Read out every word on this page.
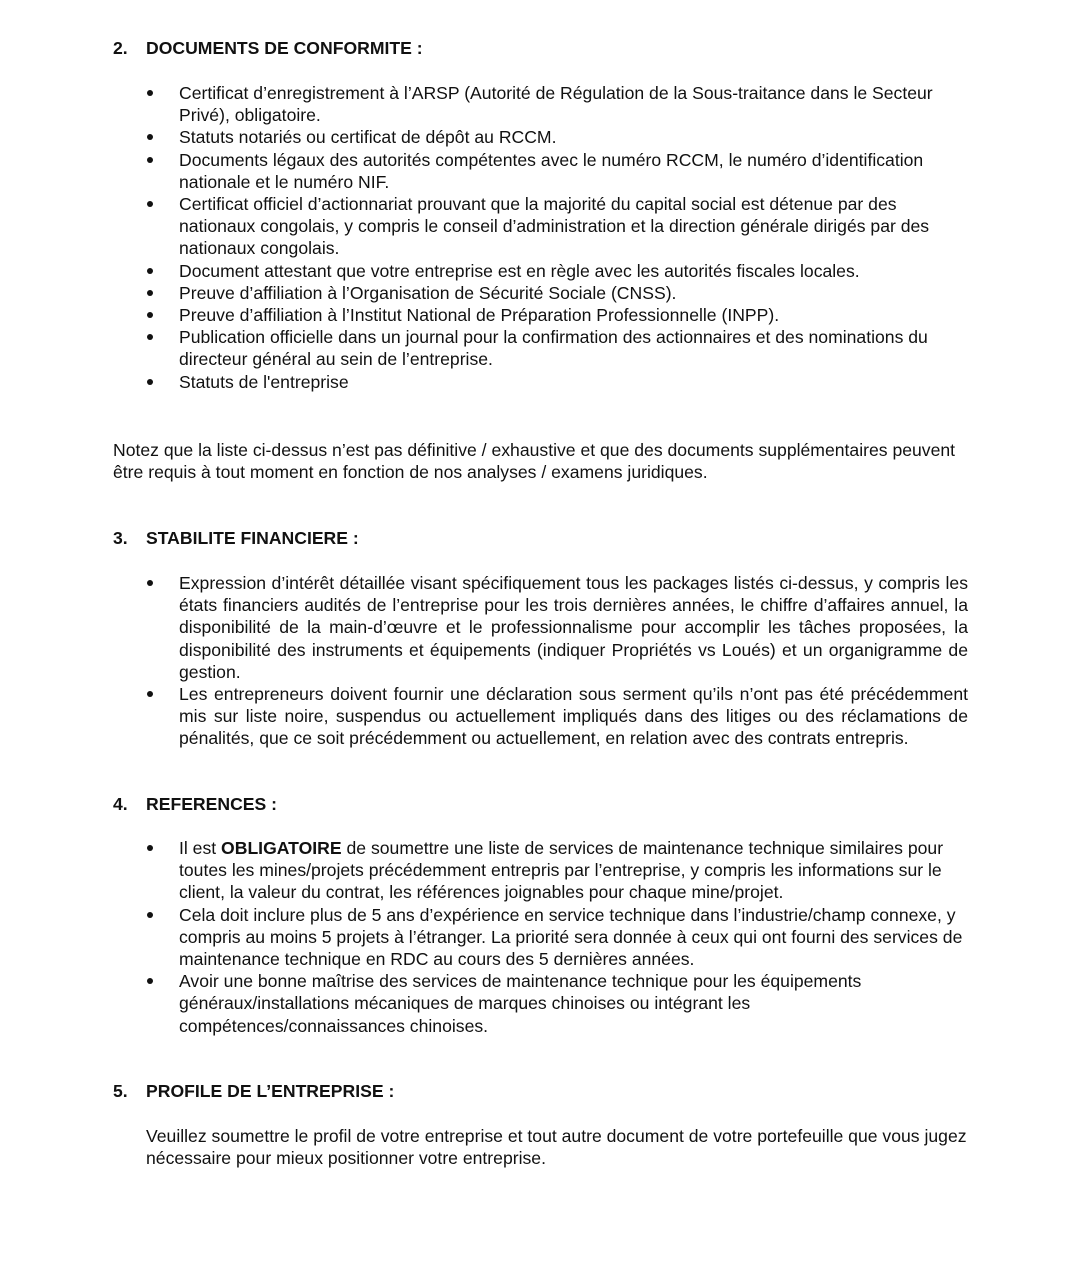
2. DOCUMENTS DE CONFORMITE :
Certificat d’enregistrement à l’ARSP (Autorité de Régulation de la Sous-traitance dans le Secteur Privé), obligatoire.
Statuts notariés ou certificat de dépôt au RCCM.
Documents légaux des autorités compétentes avec le numéro RCCM, le numéro d’identification nationale et le numéro NIF.
Certificat officiel d’actionnariat prouvant que la majorité du capital social est détenue par des nationaux congolais, y compris le conseil d’administration et la direction générale dirigés par des nationaux congolais.
Document attestant que votre entreprise est en règle avec les autorités fiscales locales.
Preuve d’affiliation à l’Organisation de Sécurité Sociale (CNSS).
Preuve d’affiliation à l’Institut National de Préparation Professionnelle (INPP).
Publication officielle dans un journal pour la confirmation des actionnaires et des nominations du directeur général au sein de l’entreprise.
Statuts de l'entreprise
Notez que la liste ci-dessus n’est pas définitive / exhaustive et que des documents supplémentaires peuvent être requis à tout moment en fonction de nos analyses / examens juridiques.
3. STABILITE FINANCIERE :
Expression d’intérêt détaillée visant spécifiquement tous les packages listés ci-dessus, y compris les états financiers audités de l’entreprise pour les trois dernières années, le chiffre d’affaires annuel, la disponibilité de la main-d’œuvre et le professionnalisme pour accomplir les tâches proposées, la disponibilité des instruments et équipements (indiquer Propriétés vs Loués) et un organigramme de gestion.
Les entrepreneurs doivent fournir une déclaration sous serment qu’ils n’ont pas été précédemment mis sur liste noire, suspendus ou actuellement impliqués dans des litiges ou des réclamations de pénalités, que ce soit précédemment ou actuellement, en relation avec des contrats entrepris.
4. REFERENCES :
Il est OBLIGATOIRE de soumettre une liste de services de maintenance technique similaires pour toutes les mines/projets précédemment entrepris par l’entreprise, y compris les informations sur le client, la valeur du contrat, les références joignables pour chaque mine/projet.
Cela doit inclure plus de 5 ans d’expérience en service technique dans l’industrie/champ connexe, y compris au moins 5 projets à l’étranger. La priorité sera donnée à ceux qui ont fourni des services de maintenance technique en RDC au cours des 5 dernières années.
Avoir une bonne maîtrise des services de maintenance technique pour les équipements généraux/installations mécaniques de marques chinoises ou intégrant les compétences/connaissances chinoises.
5. PROFILE DE L’ENTREPRISE :
Veuillez soumettre le profil de votre entreprise et tout autre document de votre portefeuille que vous jugez nécessaire pour mieux positionner votre entreprise.
